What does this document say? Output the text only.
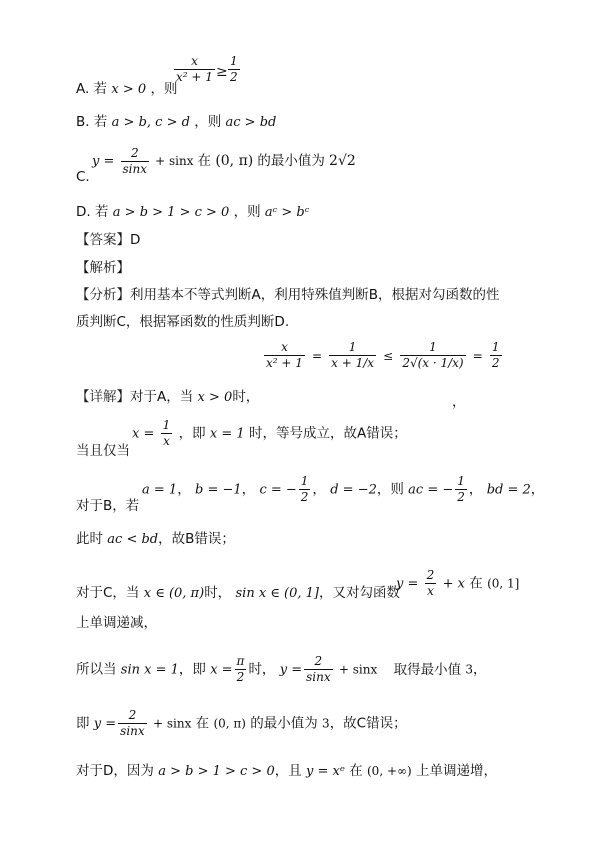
A. 若 x > 0 ，则
$\frac{x}{\text{x² + 1}} \ge \frac{1}{2}$
B. 若 a > b, c > d ，则 ac > bd
C.
$y = \frac{2}{\sin x} + \sin x$ 在 (0, π) 的最小值为 2√2
D. 若 a > b > 1 > c > 0 ，则 aᶜ > bᶜ
【答案】D
【解析】
【分析】利用基本不等式判断A，利用特殊值判断B，根据对勾函数的性
质判断C，根据幂函数的性质判断D.
$\frac{x}{\text{x² + 1}} = \frac{1}{x + 1/x} \le \frac{1}{2√(x \cdot 1/x)} = \frac{1}{2}$
【详解】对于A，当 x > 0时，	，
当且仅当
$x = \frac{1}{x}$ ，即 x = 1 时，等号成立，故A错误；
对于B，若
a = 1， b = −1， c = − $\frac{1}{2}$ ， d = −2，则 ac = − $\frac{1}{2}$ ， bd = 2，
此时 ac < bd，故B错误；
对于C，当 x ∈ (0, π)时， sin x ∈ (0, 1]，又对勾函数
$y = \frac{2}{x} + x$ 在 (0, 1]
上单调递减，
所以当 sin x = 1，即 $x = \frac{\pi}{2}$ 时， $y = \frac{2}{\sin x} + \sin x$ 取得最小值 3，
即 $y = \frac{2}{\sin x} + \sin x$ 在 (0, π) 的最小值为 3，故C错误；
对于D，因为 a > b > 1 > c > 0，且 y = xᵉ 在 (0, +∞) 上单调递增，
